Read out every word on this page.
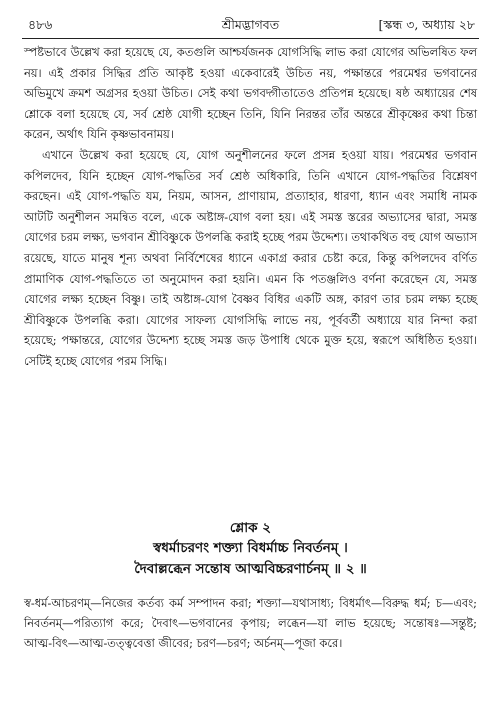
৪৮৬	শ্রীমদ্ভাগবত	[স্কন্ধ ৩, অধ্যায় ২৮

স্পষ্টভাবে উল্লেখ করা হয়েছে যে, কতগুলি আশ্চর্যজনক যোগসিদ্ধি লাভ করা যোগের অভিলষিত ফল নয়। এই প্রকার সিদ্ধির প্রতি আকৃষ্ট হওয়া একেবারেই উচিত নয়, পক্ষান্তরে পরমেশ্বর ভগবানের অভিমুখে ক্রমশ অগ্রসর হওয়া উচিত। সেই কথা ভগবদ্গীতাতেও প্রতিপন্ন হয়েছে। ষষ্ঠ অধ্যায়ের শেষ শ্লোকে বলা হয়েছে যে, সর্ব শ্রেষ্ঠ যোগী হচ্ছেন তিনি, যিনি নিরন্তর তাঁর অন্তরে শ্রীকৃষ্ণের কথা চিন্তা করেন, অর্থাৎ যিনি কৃষ্ণভাবনাময়।

এখানে উল্লেখ করা হয়েছে যে, যোগ অনুশীলনের ফলে প্রসন্ন হওয়া যায়। পরমেশ্বর ভগবান কপিলদেব, যিনি হচ্ছেন যোগ-পদ্ধতির সর্ব শ্রেষ্ঠ অধিকারি, তিনি এখানে যোগ-পদ্ধতির বিশ্লেষণ করছেন। এই যোগ-পদ্ধতি যম, নিয়ম, আসন, প্রাণায়াম, প্রত্যাহার, ধারণা, ধ্যান এবং সমাধি নামক আটটি অনুশীলন সমন্বিত বলে, একে অষ্টাঙ্গ-যোগ বলা হয়। এই সমস্ত স্তরের অভ্যাসের দ্বারা, সমস্ত যোগের চরম লক্ষ্য, ভগবান শ্রীবিষ্ণুকে উপলব্ধি করাই হচ্ছে পরম উদ্দেশ্য। তথাকথিত বহু যোগ অভ্যাস রয়েছে, যাতে মানুষ শূন্য অথবা নির্বিশেষের ধ্যানে একাগ্র করার চেষ্টা করে, কিন্তু কপিলদেব বর্ণিত প্রামাণিক যোগ-পদ্ধতিতে তা অনুমোদন করা হয়নি। এমন কি পতঞ্জলিও বর্ণনা করেছেন যে, সমস্ত যোগের লক্ষ্য হচ্ছেন বিষ্ণু। তাই অষ্টাঙ্গ-যোগ বৈষ্ণব বিধির একটি অঙ্গ, কারণ তার চরম লক্ষ্য হচ্ছে শ্রীবিষ্ণুকে উপলব্ধি করা। যোগের সাফল্য যোগসিদ্ধি লাভে নয়, পূর্ববর্তী অধ্যায়ে যার নিন্দা করা হয়েছে; পক্ষান্তরে, যোগের উদ্দেশ্য হচ্ছে সমস্ত জড় উপাধি থেকে মুক্ত হয়ে, স্বরূপে অধিষ্ঠিত হওয়া। সেটিই হচ্ছে যোগের পরম সিদ্ধি।

শ্লোক ২

স্বধর্মাচরণং শক্ত্যা বিধর্মাচ্চ নিবর্তনম্ ।

দৈবাল্লব্ধেন সন্তোষ আত্মবিচ্চরণার্চনম্ ॥ ২ ॥

স্ব-ধর্ম-আচরণম্—নিজের কর্তব্য কর্ম সম্পাদন করা; শক্ত্যা—যথাসাধ্য; বিধর্মাৎ—বিরুদ্ধ ধর্ম; চ—এবং; নিবর্তনম্—পরিত্যাগ করে; দৈবাৎ—ভগবানের কৃপায়; লব্ধেন—যা লাভ হয়েছে; সন্তোষঃ—সন্তুষ্ট; আত্ম-বিৎ—আত্ম-তত্ত্ববেত্তা জীবের; চরণ—চরণ; অর্চনম্—পূজা করে।
